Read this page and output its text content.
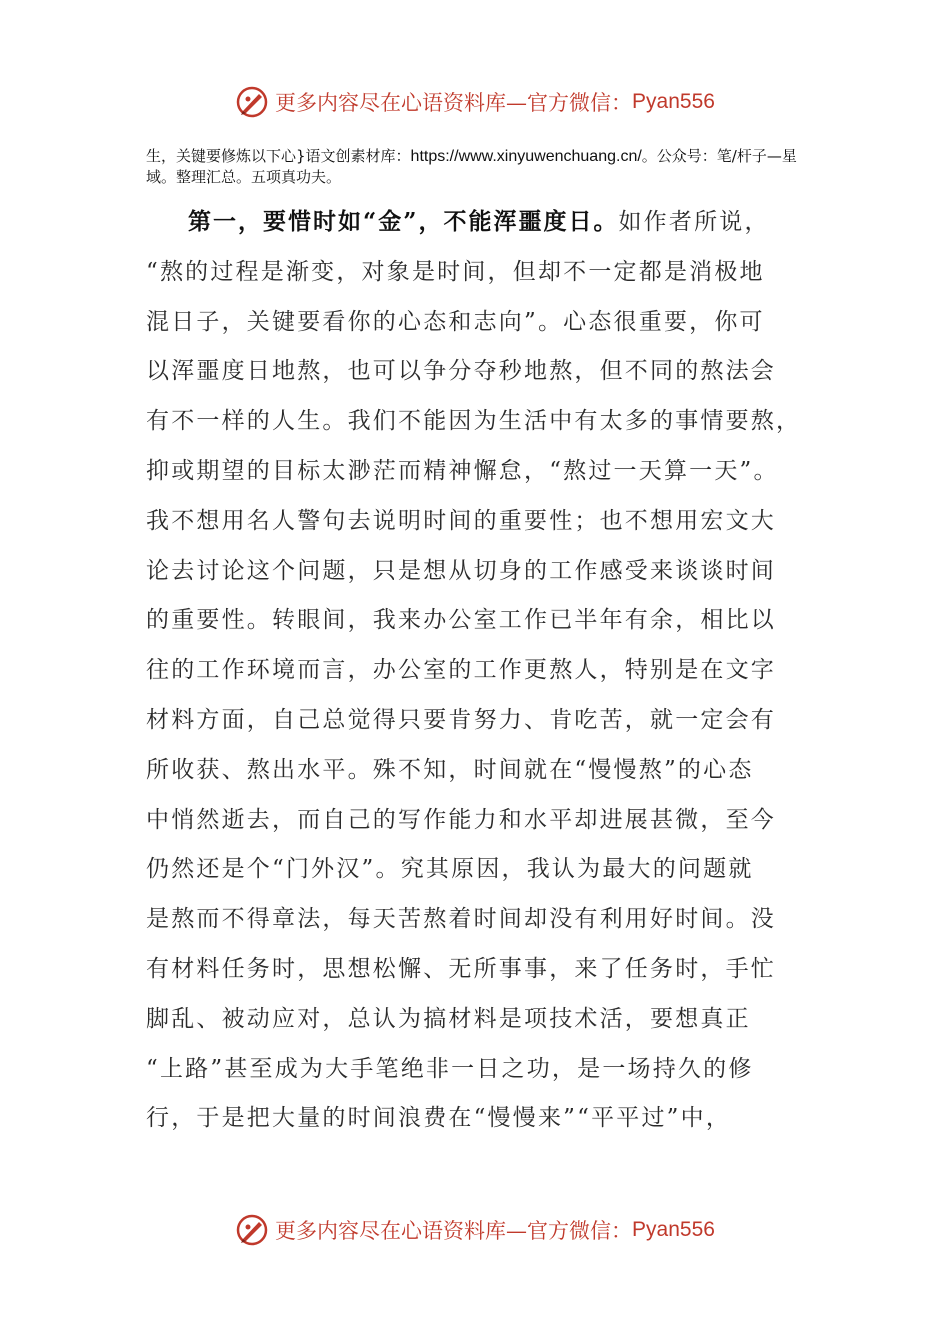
更多内容尽在心语资料库—官方微信： Pyan556
生，关键要修炼以下心}语文创素材库：https://www.xinyuwenchuang.cn/。公众号：笔/杆子—星域。整理汇总。五项真功夫。
第一，要惜时如“金”，不能浑噩度日。如作者所说，
“熬的过程是渐变，对象是时间，但却不一定都是消极地
混日子，关键要看你的心态和志向”。心态很重要，你可
以浑噩度日地熬，也可以争分夺秒地熬，但不同的熬法会
有不一样的人生。我们不能因为生活中有太多的事情要熬，
抑或期望的目标太渺茫而精神懈怠，“熬过一天算一天”。
我不想用名人警句去说明时间的重要性；也不想用宏文大
论去讨论这个问题，只是想从切身的工作感受来谈谈时间
的重要性。转眼间，我来办公室工作已半年有余，相比以
往的工作环境而言，办公室的工作更熬人，特别是在文字
材料方面，自己总觉得只要肯努力、肯吃苦，就一定会有
所收获、熬出水平。殊不知，时间就在“慢慢熬”的心态
中悄然逝去，而自己的写作能力和水平却进展甚微，至今
仍然还是个“门外汉”。究其原因，我认为最大的问题就
是熬而不得章法，每天苦熬着时间却没有利用好时间。没
有材料任务时，思想松懈、无所事事，来了任务时，手忙
脚乱、被动应对，总认为搞材料是项技术活，要想真正
“上路”甚至成为大手笔绝非一日之功，是一场持久的修
行，于是把大量的时间浪费在“慢慢来”“平平过”中，
更多内容尽在心语资料库—官方微信： Pyan556
